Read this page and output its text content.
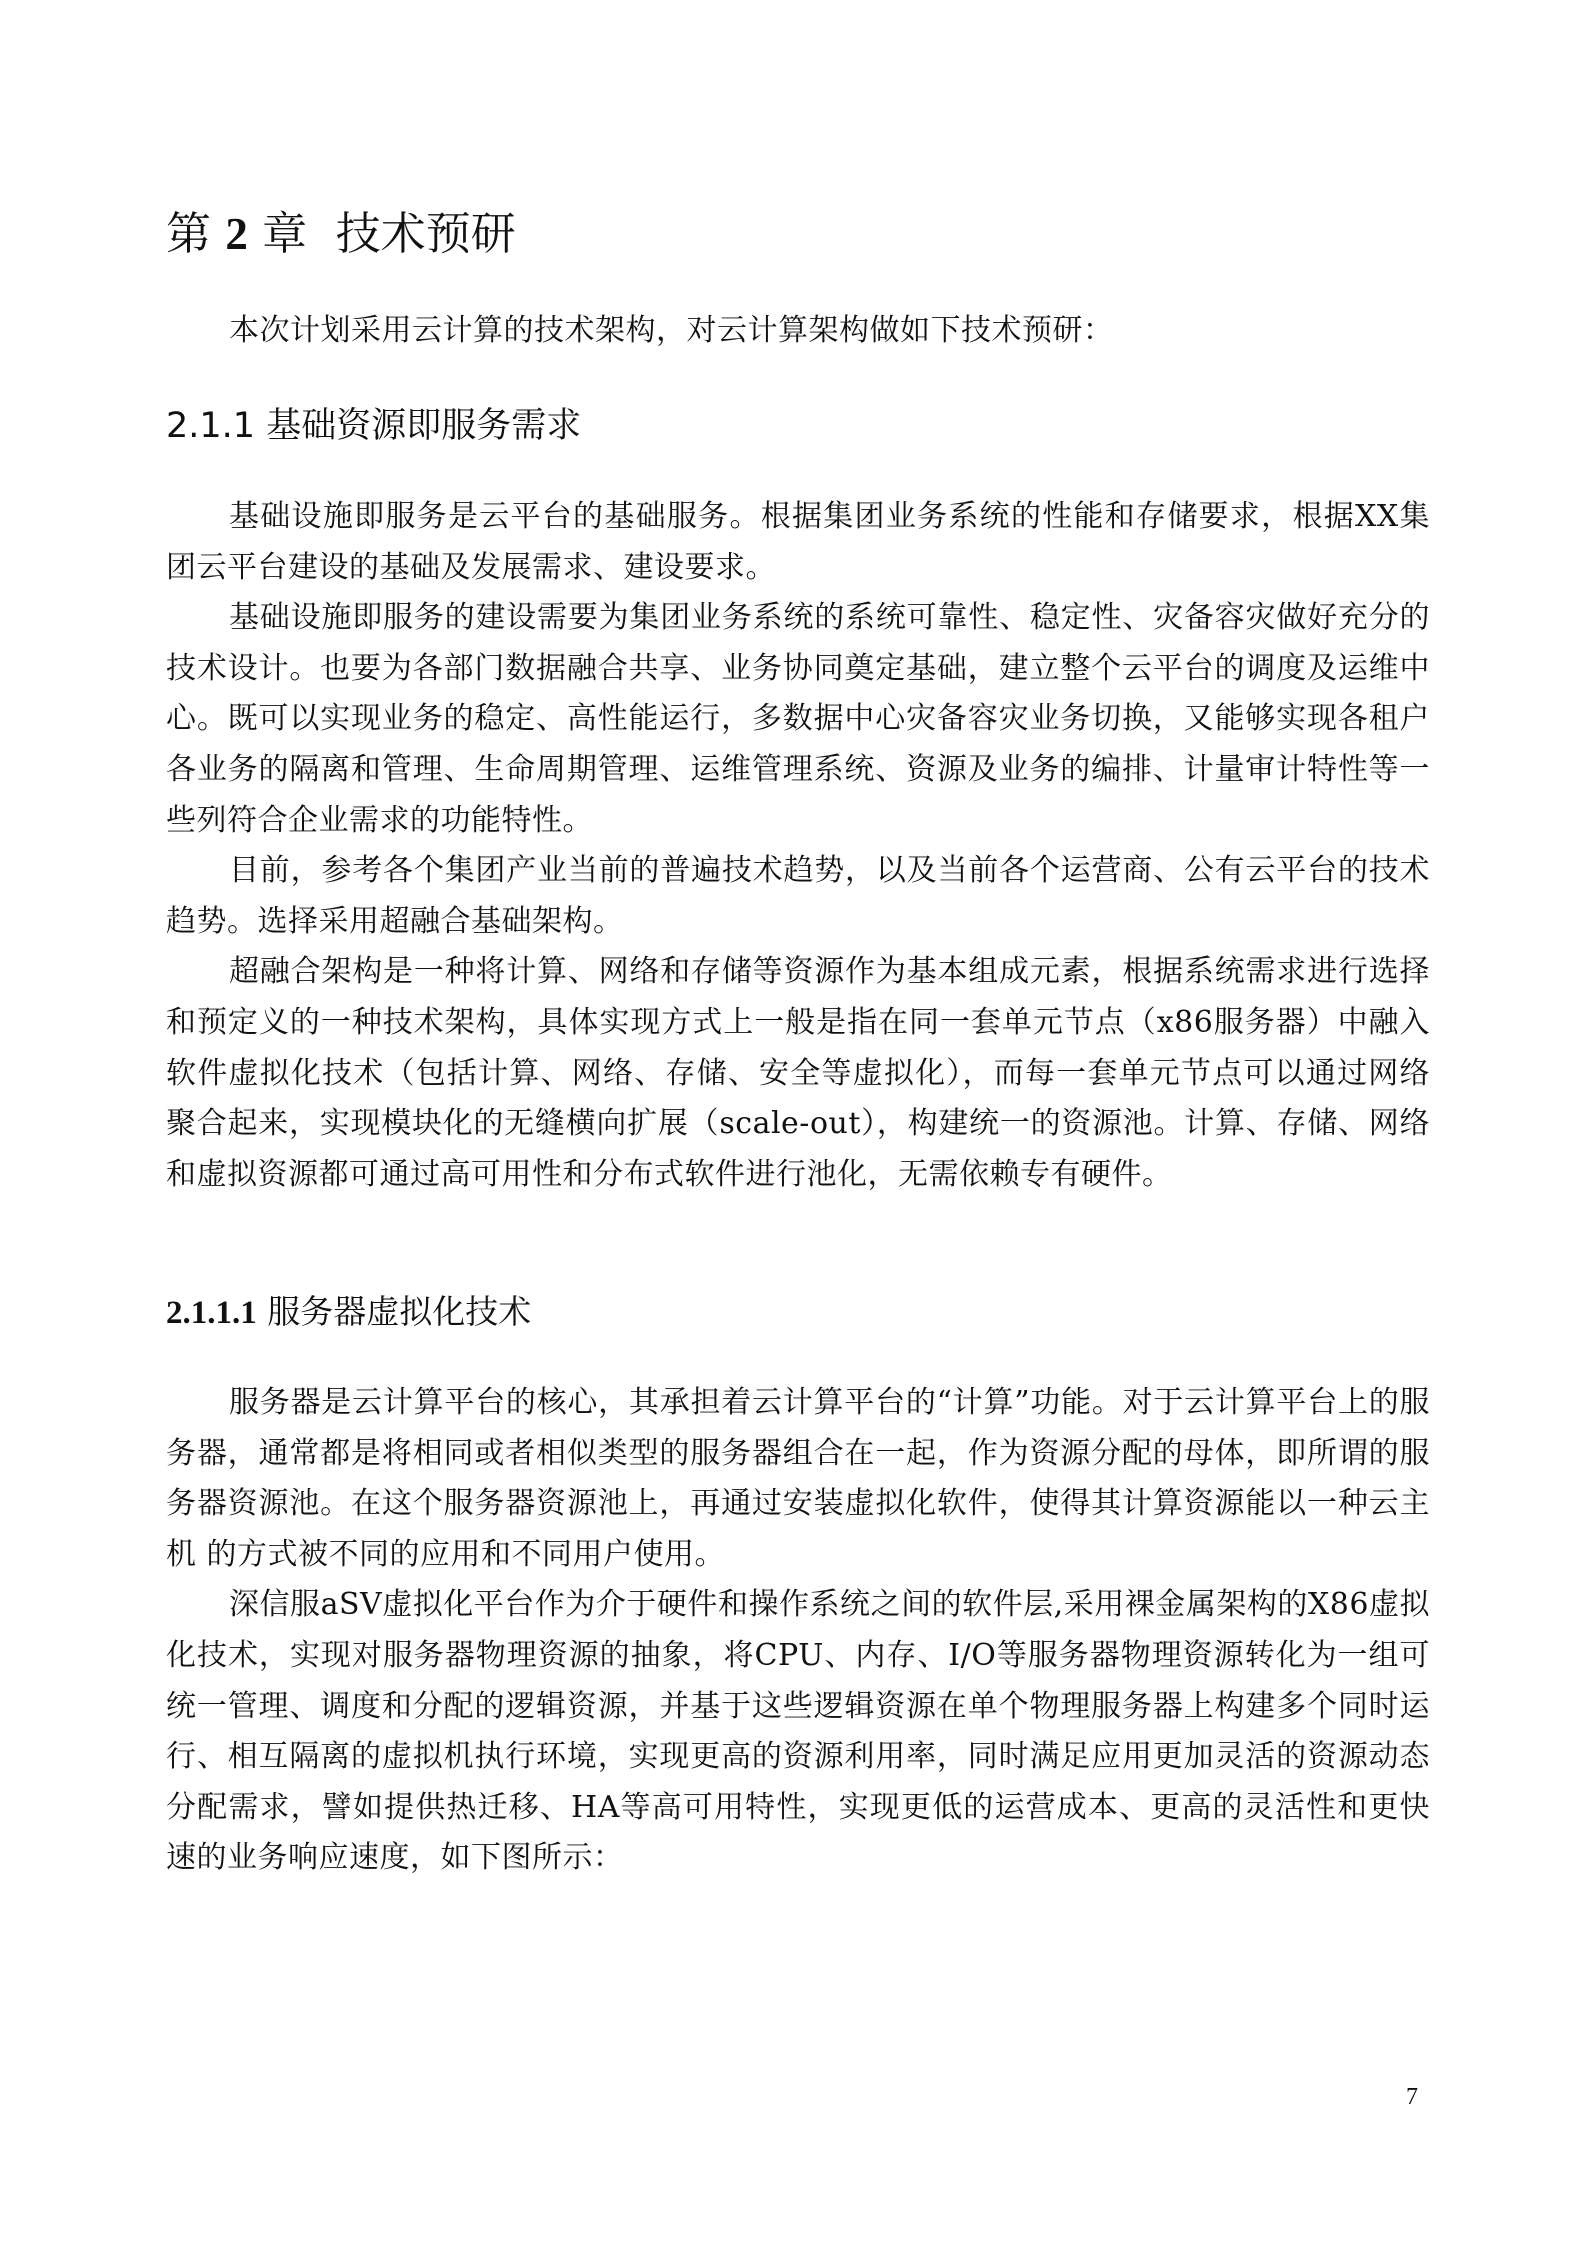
第 2 章 技术预研

本次计划采用云计算的技术架构，对云计算架构做如下技术预研：

2.1.1 基础资源即服务需求

基础设施即服务是云平台的基础服务。根据集团业务系统的性能和存储要求，根据XX集团云平台建设的基础及发展需求、建设要求。

基础设施即服务的建设需要为集团业务系统的系统可靠性、稳定性、灾备容灾做好充分的技术设计。也要为各部门数据融合共享、业务协同奠定基础，建立整个云平台的调度及运维中心。既可以实现业务的稳定、高性能运行，多数据中心灾备容灾业务切换，又能够实现各租户各业务的隔离和管理、生命周期管理、运维管理系统、资源及业务的编排、计量审计特性等一些列符合企业需求的功能特性。

目前，参考各个集团产业当前的普遍技术趋势，以及当前各个运营商、公有云平台的技术趋势。选择采用超融合基础架构。

超融合架构是一种将计算、网络和存储等资源作为基本组成元素，根据系统需求进行选择和预定义的一种技术架构，具体实现方式上一般是指在同一套单元节点（x86服务器）中融入软件虚拟化技术（包括计算、网络、存储、安全等虚拟化），而每一套单元节点可以通过网络聚合起来，实现模块化的无缝横向扩展（scale-out），构建统一的资源池。计算、存储、网络和虚拟资源都可通过高可用性和分布式软件进行池化，无需依赖专有硬件。

2.1.1.1 服务器虚拟化技术

服务器是云计算平台的核心，其承担着云计算平台的“计算”功能。对于云计算平台上的服务器，通常都是将相同或者相似类型的服务器组合在一起，作为资源分配的母体，即所谓的服务器资源池。在这个服务器资源池上，再通过安装虚拟化软件，使得其计算资源能以一种云主机 的方式被不同的应用和不同用户使用。

深信服aSV虚拟化平台作为介于硬件和操作系统之间的软件层,采用裸金属架构的X86虚拟化技术，实现对服务器物理资源的抽象，将CPU、内存、I/O等服务器物理资源转化为一组可统一管理、调度和分配的逻辑资源，并基于这些逻辑资源在单个物理服务器上构建多个同时运行、相互隔离的虚拟机执行环境，实现更高的资源利用率，同时满足应用更加灵活的资源动态分配需求，譬如提供热迁移、HA等高可用特性，实现更低的运营成本、更高的灵活性和更快速的业务响应速度，如下图所示：

7
